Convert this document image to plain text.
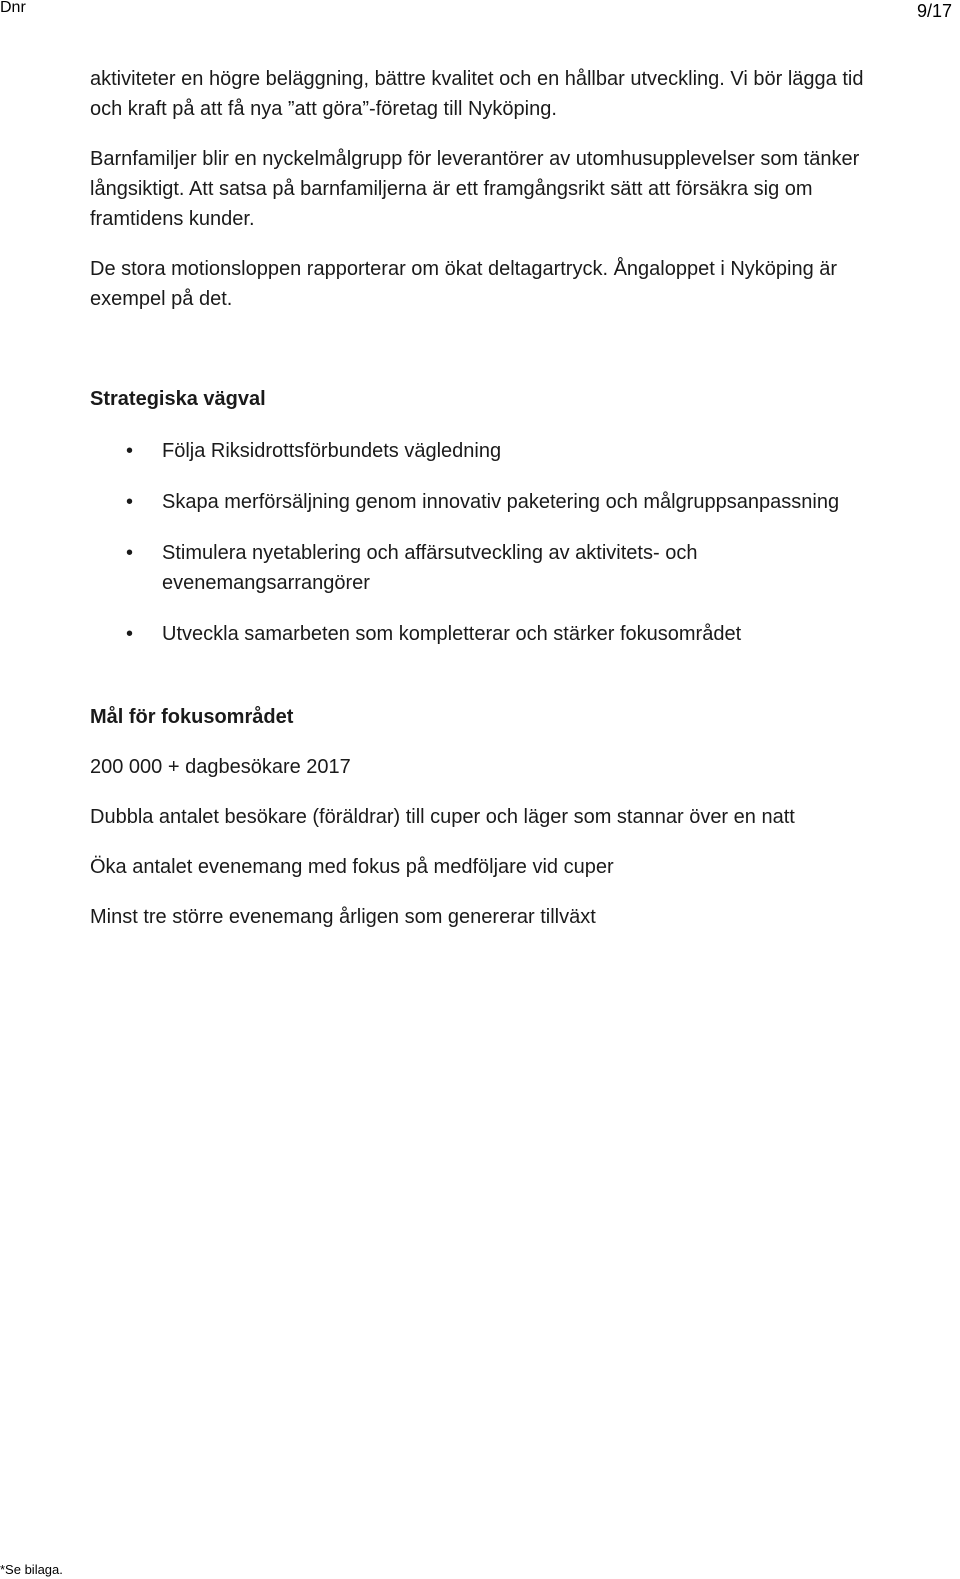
Dnr	9/17

aktiviteter en högre beläggning, bättre kvalitet och en hållbar utveckling. Vi bör lägga tid och kraft på att få nya ”att göra”-företag till Nyköping.

Barnfamiljer blir en nyckelmålgrupp för leverantörer av utomhusupplevelser som tänker långsiktigt. Att satsa på barnfamiljerna är ett framgångsrikt sätt att försäkra sig om framtidens kunder.

De stora motionsloppen rapporterar om ökat deltagartryck. Ångaloppet i Nyköping är exempel på det.

Strategiska vägval
• Följa Riksidrottsförbundets vägledning
• Skapa merförsäljning genom innovativ paketering och målgruppsanpassning
• Stimulera nyetablering och affärsutveckling av aktivitets- och evenemangsarrangörer
• Utveckla samarbeten som kompletterar och stärker fokusområdet
Mål för fokusområdet

200 000 + dagbesökare 2017

Dubbla antalet besökare (föräldrar) till cuper och läger som stannar över en natt

Öka antalet evenemang med fokus på medföljare vid cuper

Minst tre större evenemang årligen som genererar tillväxt

*Se bilaga.
